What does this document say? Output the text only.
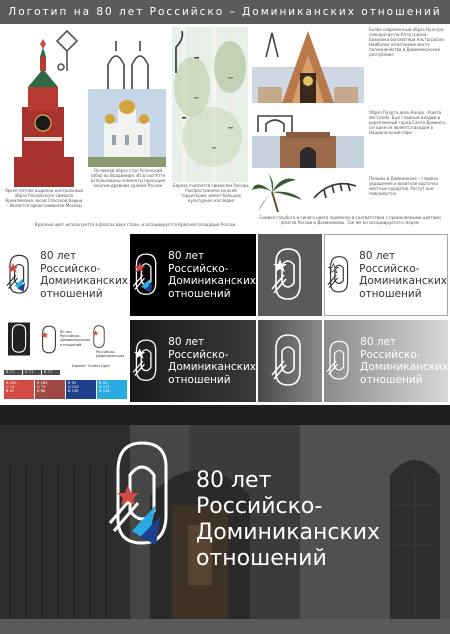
Логотип на 80 лет Российско – Доминиканских отношений
Яркое пятное выделки центральный образ Российского символа Кремлевских часов Спасской башни – Является яркие символом Москвы
Основной образ стал Успенский собор во Владимире. Из в соотетте использованы элементы присущие многим древним храмам России	Береза считается символом России. Распространена на всей территории, имеет большое культурное наследие
Более современный образ Нуэстра-сеньора-де-ла-Алта грасиа - Базилика Богоматери Альтаграсии. Наиболее почитаемое место паломничества в Доминиканской республике
Образ Пуэрта-дель-Конде - Puerta del Conde. Был главным входом в укрепленный город Санто-Доминго, сегодня он является входом в Национальный парк
Пальмы в Доминикане – главное украшение и визитная карточка местных курортов. Растут они повсеместно
Красный цвет используется в флагах двух стран, и ассоциируется Красной площадью России
Символ голубого и синего цвета применен в соответствии с применяемыми цветами флагов России и Доминиканы. Так же он ассоциируется с морем
80 лет
Российско-
Доминиканских
отношений
80 лет
Российско-
Доминиканских
отношений
80 лет
Российско-
Доминиканских
отношений
80 лет
Российско-
Доминиканских
отношений
Российско-
Доминиканских
Шрифт: Corbel Light
R 77	G 77	B 77
R 209
G 74
B 67
R 160
G 73
B 68
R 91
G 122
B 190
R 41
G 171
B 226
80 лет
Российско-
Доминиканских
отношений
80 лет
Российско-
Доминиканских
отношений
80 лет
Российско-
Доминиканских
отношений
